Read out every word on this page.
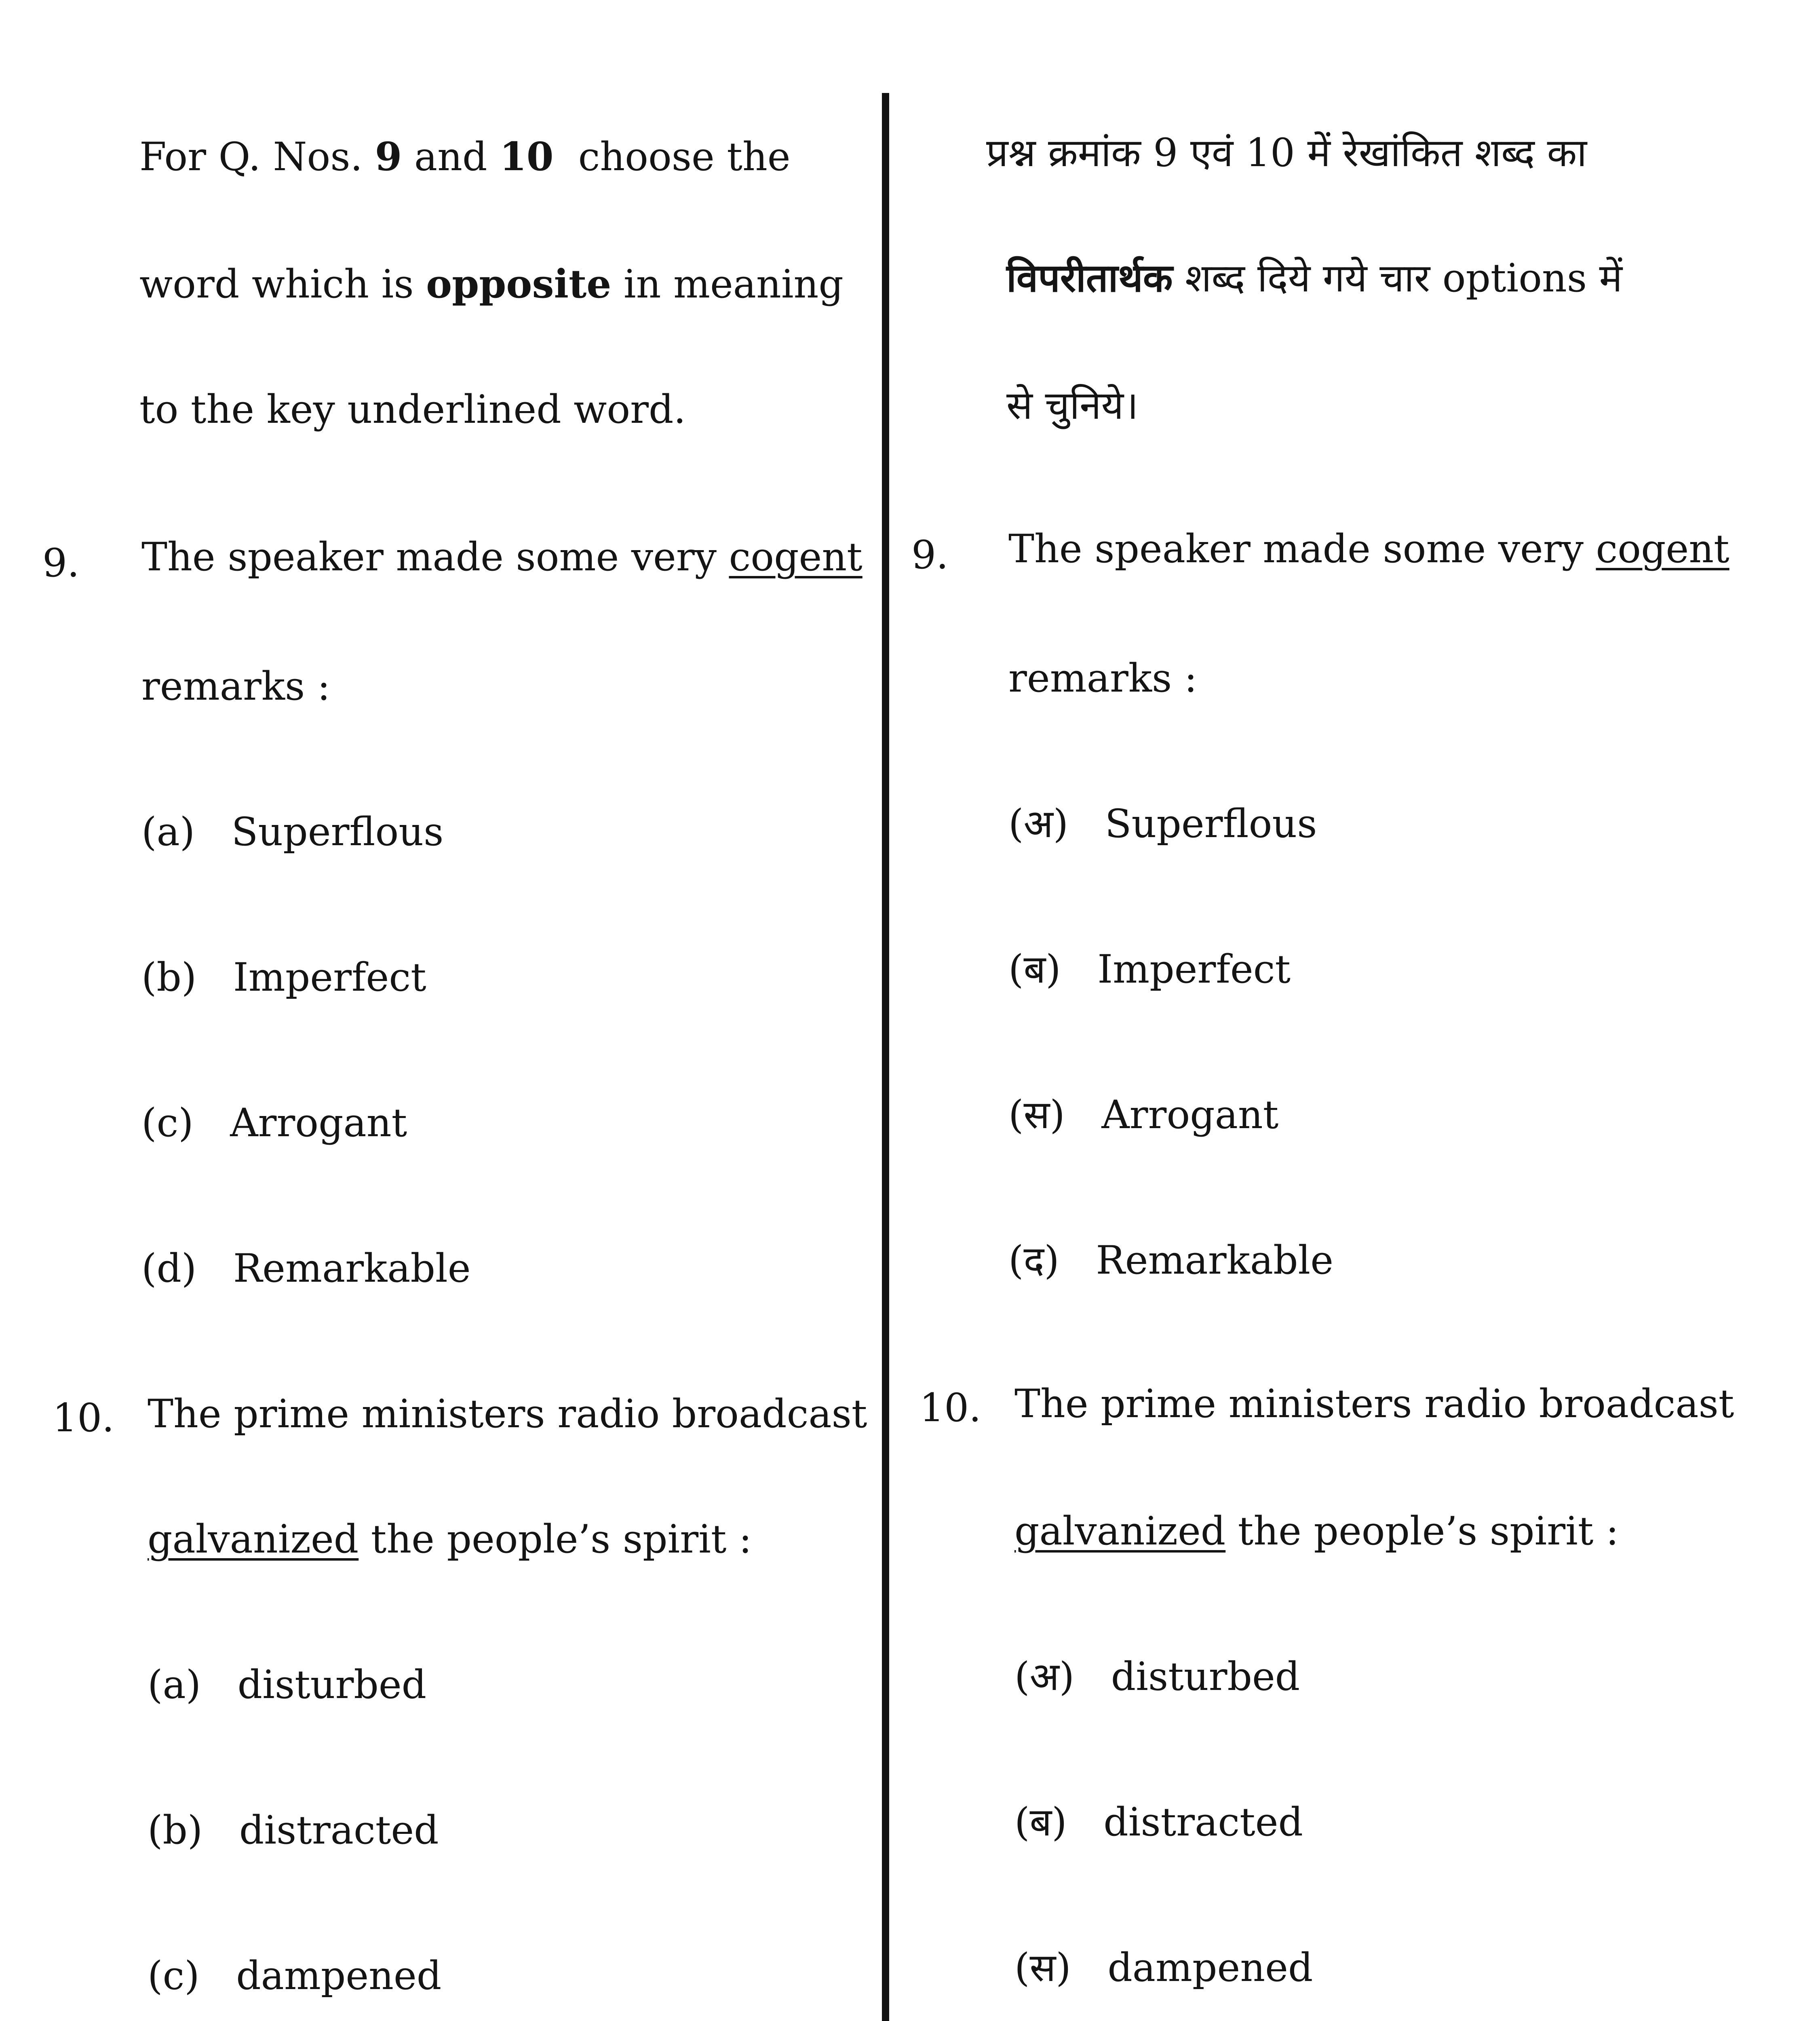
For Q. Nos. 9 and 10 choose the
word which is opposite in meaning
to the key underlined word.
9. The speaker made some very cogent
remarks :
(a) Superflous
(b) Imperfect
(c) Arrogant
(d) Remarkable
10. The prime ministers radio broadcast
galvanized the people’s spirit :
(a) disturbed
(b) distracted
(c) dampened
प्रश्न क्रमांक 9 एवं 10 में रेखांकित शब्द का
विपरीतार्थक शब्द दिये गये चार options में
से चुनिये।
9. The speaker made some very cogent
remarks :
(अ) Superflous
(ब) Imperfect
(स) Arrogant
(द) Remarkable
10. The prime ministers radio broadcast
galvanized the people’s spirit :
(अ) disturbed
(ब) distracted
(स) dampened
